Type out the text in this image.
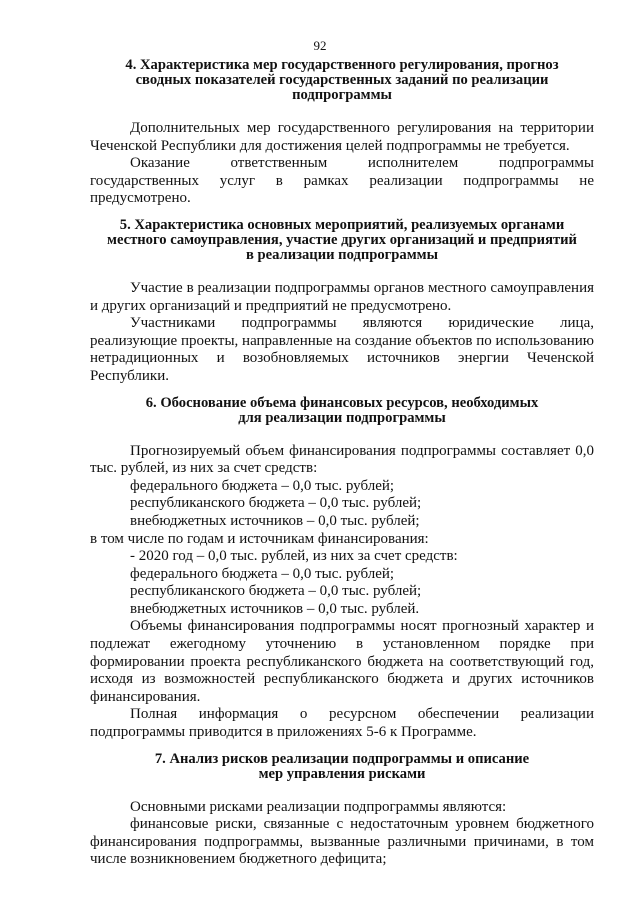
92
4. Характеристика мер государственного регулирования, прогноз
сводных показателей государственных заданий по реализации
подпрограммы

Дополнительных мер государственного регулирования на территории Чеченской Республики для достижения целей подпрограммы не требуется.

Оказание ответственным исполнителем подпрограммы государственных услуг в рамках реализации подпрограммы не предусмотрено.

5. Характеристика основных мероприятий, реализуемых органами
местного самоуправления, участие других организаций и предприятий
в реализации подпрограммы

Участие в реализации подпрограммы органов местного самоуправления и других организаций и предприятий не предусмотрено.

Участниками подпрограммы являются юридические лица, реализующие проекты, направленные на создание объектов по использованию нетрадиционных и возобновляемых источников энергии Чеченской Республики.

6. Обоснование объема финансовых ресурсов, необходимых
для реализации подпрограммы

Прогнозируемый объем финансирования подпрограммы составляет 0,0 тыс. рублей, из них за счет средств:

федерального бюджета – 0,0 тыс. рублей;

республиканского бюджета – 0,0 тыс. рублей;

внебюджетных источников – 0,0 тыс. рублей;

в том числе по годам и источникам финансирования:

- 2020 год – 0,0 тыс. рублей, из них за счет средств:

федерального бюджета – 0,0 тыс. рублей;

республиканского бюджета – 0,0 тыс. рублей;

внебюджетных источников – 0,0 тыс. рублей.

Объемы финансирования подпрограммы носят прогнозный характер и подлежат ежегодному уточнению в установленном порядке при формировании проекта республиканского бюджета на соответствующий год, исходя из возможностей республиканского бюджета и других источников финансирования.

Полная информация о ресурсном обеспечении реализации подпрограммы приводится в приложениях 5-6 к Программе.

7. Анализ рисков реализации подпрограммы и описание
мер управления рисками

Основными рисками реализации подпрограммы являются:

финансовые риски, связанные с недостаточным уровнем бюджетного финансирования подпрограммы, вызванные различными причинами, в том числе возникновением бюджетного дефицита;
